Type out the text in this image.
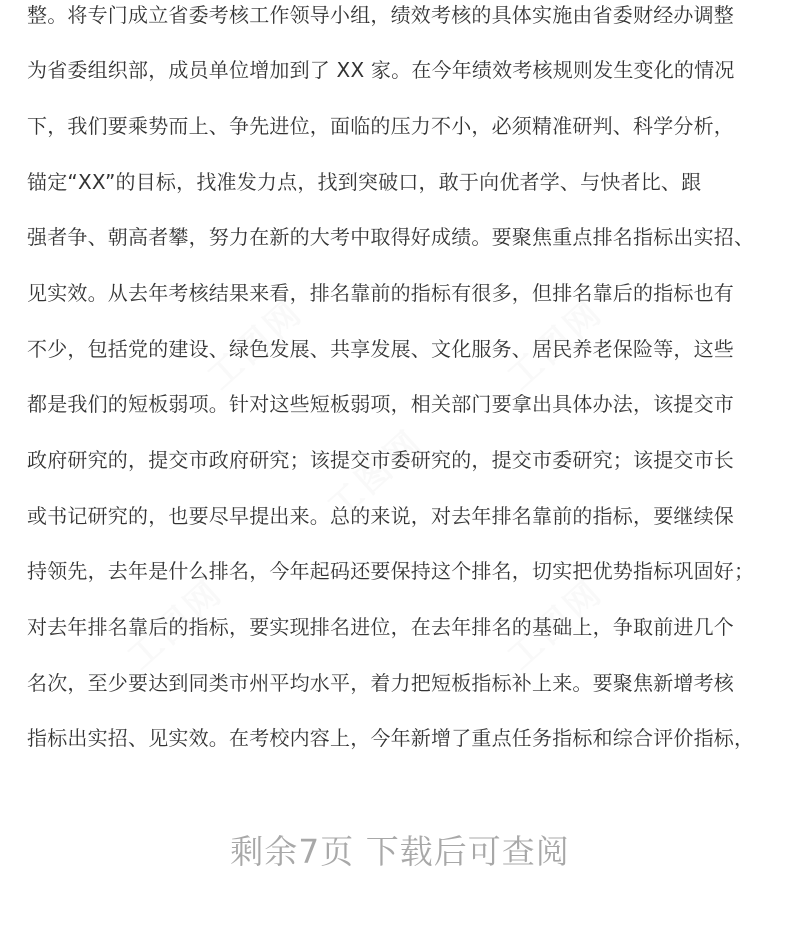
工图网
工图网
工图网
工图网
工图网
整。将专门成立省委考核工作领导小组，绩效考核的具体实施由省委财经办调整
为省委组织部，成员单位增加到了 XX 家。在今年绩效考核规则发生变化的情况
下，我们要乘势而上、争先进位，面临的压力不小，必须精准研判、科学分析，
锚定“XX”的目标，找准发力点，找到突破口，敢于向优者学、与快者比、跟
强者争、朝高者攀，努力在新的大考中取得好成绩。要聚焦重点排名指标出实招、
见实效。从去年考核结果来看，排名靠前的指标有很多，但排名靠后的指标也有
不少，包括党的建设、绿色发展、共享发展、文化服务、居民养老保险等，这些
都是我们的短板弱项。针对这些短板弱项，相关部门要拿出具体办法，该提交市
政府研究的，提交市政府研究；该提交市委研究的，提交市委研究；该提交市长
或书记研究的，也要尽早提出来。总的来说，对去年排名靠前的指标，要继续保
持领先，去年是什么排名，今年起码还要保持这个排名，切实把优势指标巩固好；
对去年排名靠后的指标，要实现排名进位，在去年排名的基础上，争取前进几个
名次，至少要达到同类市州平均水平，着力把短板指标补上来。要聚焦新增考核
指标出实招、见实效。在考校内容上，今年新增了重点任务指标和综合评价指标，
剩余7页 下载后可查阅
